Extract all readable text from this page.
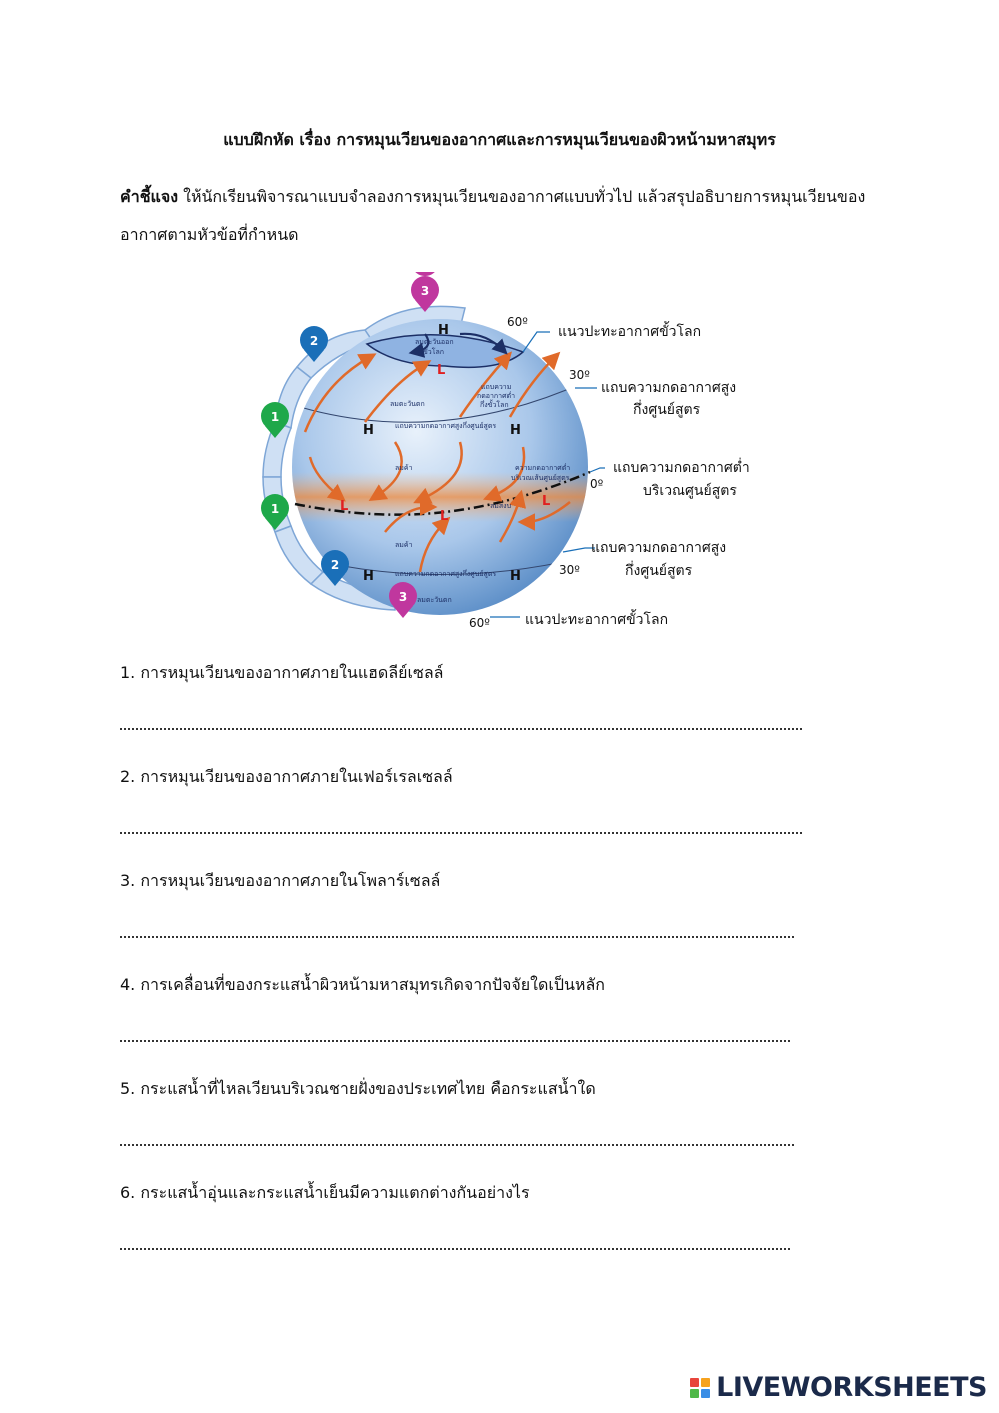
แบบฝึกหัด เรื่อง การหมุนเวียนของอากาศและการหมุนเวียนของผิวหน้ามหาสมุทร
คำชี้แจง ให้นักเรียนพิจารณาแบบจำลองการหมุนเวียนของอากาศแบบทั่วไป แล้วสรุปอธิบายการหมุนเวียนของอากาศตามหัวข้อที่กำหนด
H
L
H	H
L
L
L
H	H
ลมตะวันออก
ขั้วโลก
แถบความ
กดอากาศต่ำ
กึ่งขั้วโลก
ลมตะวันตก
แถบความกดอากาศสูงกึ่งศูนย์สูตร
ลมค้า	ความกดอากาศต่ำ
บริเวณเส้นศูนย์สูตร
ลมสงบ
ลมค้า
แถบความกดอากาศสูงกึ่งศูนย์สูตร
ลมตะวันตก
3
2
1
1
2
3
60º
30º
0º
30º
60º
แนวปะทะอากาศขั้วโลก
แถบความกดอากาศสูง
กึ่งศูนย์สูตร
แถบความกดอากาศต่ำ
บริเวณศูนย์สูตร
แถบความกดอากาศสูง
กึ่งศูนย์สูตร
แนวปะทะอากาศขั้วโลก
1. การหมุนเวียนของอากาศภายในแฮดลีย์เซลล์
2. การหมุนเวียนของอากาศภายในเฟอร์เรลเซลล์
3. การหมุนเวียนของอากาศภายในโพลาร์เซลล์
4. การเคลื่อนที่ของกระแสน้ำผิวหน้ามหาสมุทรเกิดจากปัจจัยใดเป็นหลัก
5. กระแสน้ำที่ไหลเวียนบริเวณชายฝั่งของประเทศไทย คือกระแสน้ำใด
6. กระแสน้ำอุ่นและกระแสน้ำเย็นมีความแตกต่างกันอย่างไร
LIVEWORKSHEETS
